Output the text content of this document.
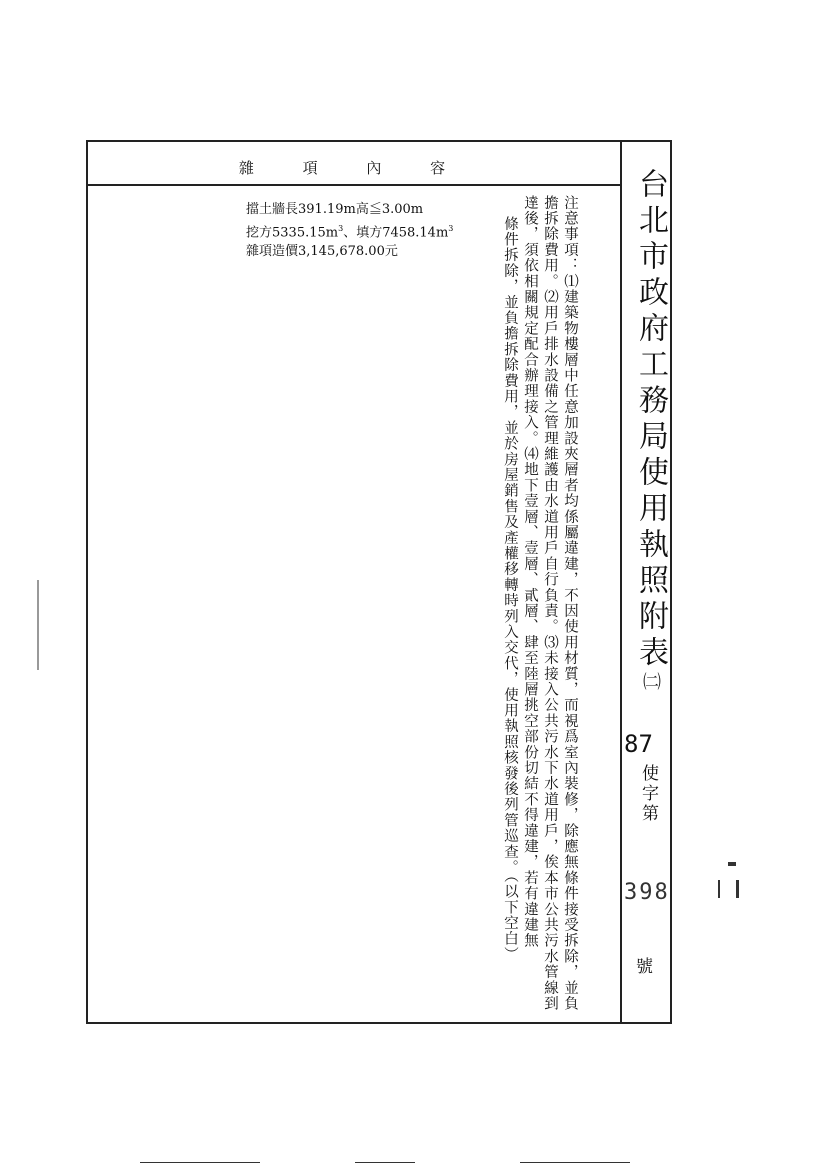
雜 項 內 容
擋土牆長391.19m高≦3.00m
挖方$5335.15m^3$、填方$7458.14m^3$
雜項造價3,145,678.00元	注意事項：⑴建築物樓層中任意加設夾層者均係屬違建，不因使用材質，而視爲室內裝修，除應無條件接受拆除，並負擔拆除費用。⑵用戶排水設備之管理維護由水道用戶自行負責。⑶未接入公共污水下水道用戶，俟本市公共污水管線到達後，須依相關規定配合辦理接入。⑷地下壹層、壹層、貳層、肆至陸層挑空部份切結不得違建，若有違建無

條件拆除，並負擔拆除費用，並於房屋銷售及產權移轉時列入交代，使用執照核發後列管巡查。（以下空白）	台北市政府工務局使用執照附表㈡
87
使字第
398
號
